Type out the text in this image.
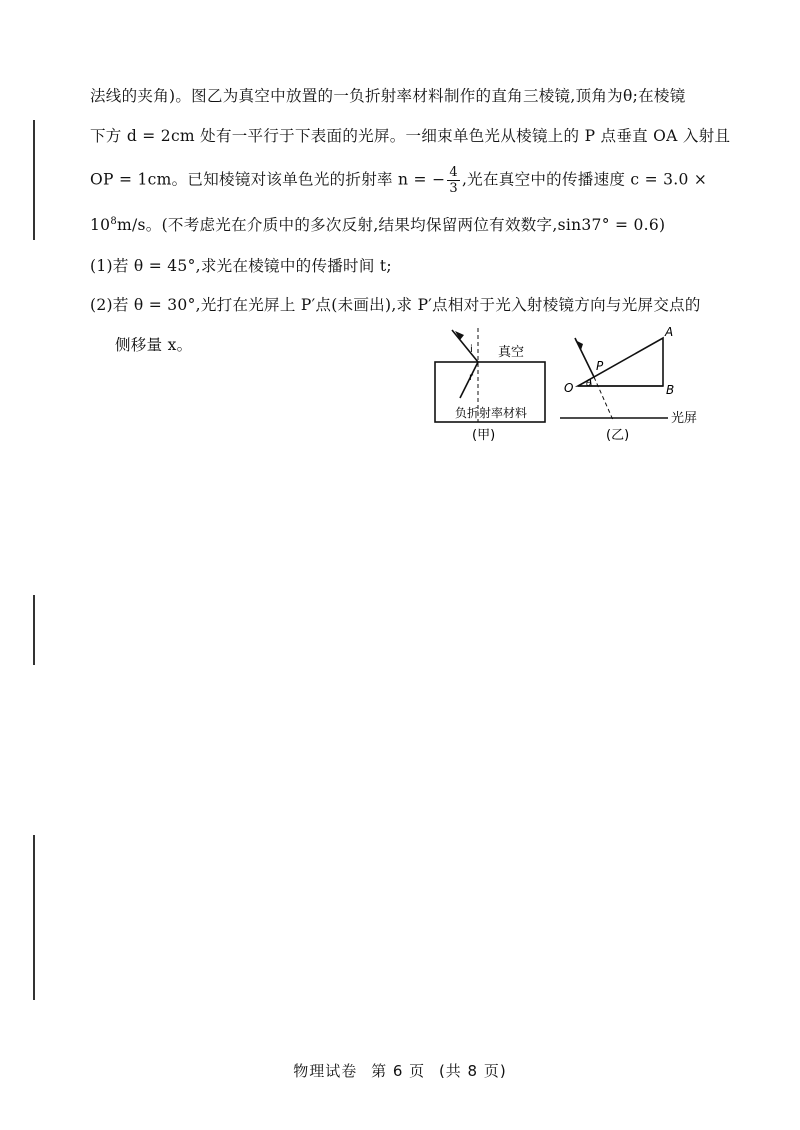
法线的夹角)。图乙为真空中放置的一负折射率材料制作的直角三棱镜,顶角为θ;在棱镜
下方 d = 2cm 处有一平行于下表面的光屏。一细束单色光从棱镜上的 P 点垂直 OA 入射且
OP = 1cm。已知棱镜对该单色光的折射率 n = − $\frac{4}{3}$ ,光在真空中的传播速度 c = 3.0 ×
$10^8m/s$。(不考虑光在介质中的多次反射,结果均保留两位有效数字,sin37° = 0.6)
(1)若 θ = 45°,求光在棱镜中的传播时间 t;
(2)若 θ = 30°,光打在光屏上 P′点(未画出),求 P′点相对于光入射棱镜方向与光屏交点的
侧移量 x。	i
r
真空
负折射率材料
(甲)
A
B
O
P
θ
光屏
(乙)
物理试卷 第 6 页 (共 8 页)
